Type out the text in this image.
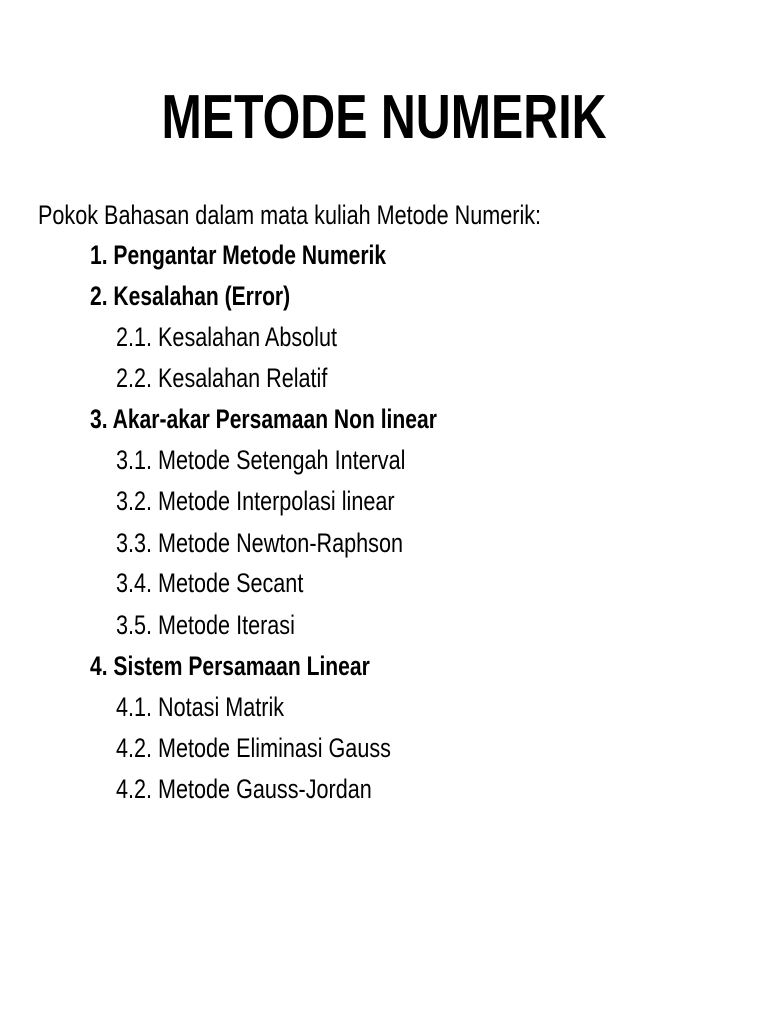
METODE NUMERIK
Pokok Bahasan dalam mata kuliah Metode Numerik:
1. Pengantar Metode Numerik
2. Kesalahan (Error)
2.1. Kesalahan Absolut
2.2. Kesalahan Relatif
3. Akar-akar Persamaan Non linear
3.1. Metode Setengah Interval
3.2. Metode Interpolasi linear
3.3. Metode Newton-Raphson
3.4. Metode Secant
3.5. Metode Iterasi
4. Sistem Persamaan Linear
4.1. Notasi Matrik
4.2. Metode Eliminasi Gauss
4.2. Metode Gauss-Jordan
